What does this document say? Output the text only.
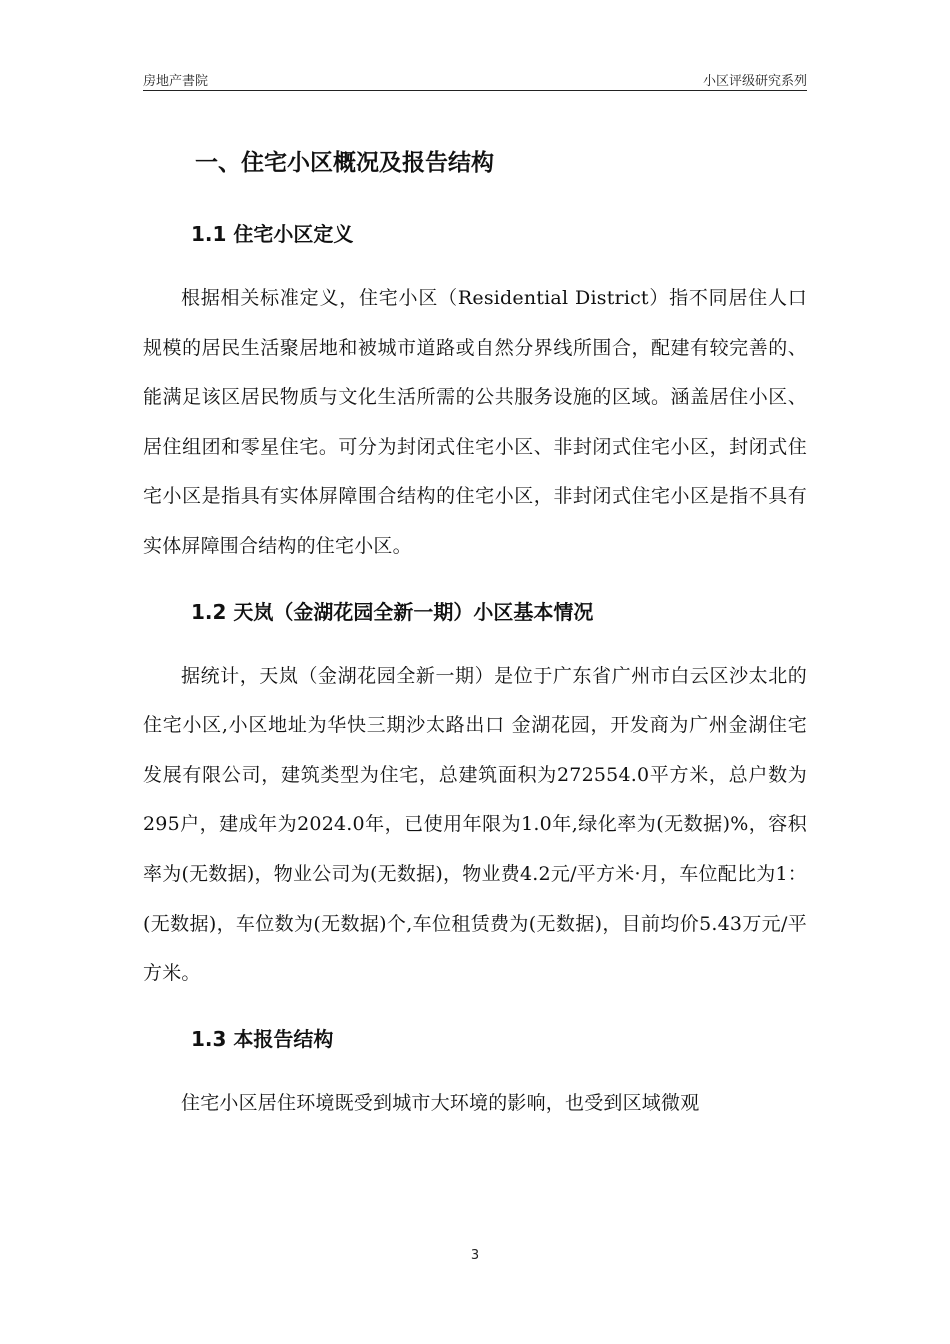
房地产書院	小区评级研究系列
一、住宅小区概况及报告结构
1.1 住宅小区定义

根据相关标准定义，住宅小区（Residential District）指不同居住人口规模的居民生活聚居地和被城市道路或自然分界线所围合，配建有较完善的、能满足该区居民物质与文化生活所需的公共服务设施的区域。涵盖居住小区、居住组团和零星住宅。可分为封闭式住宅小区、非封闭式住宅小区，封闭式住宅小区是指具有实体屏障围合结构的住宅小区，非封闭式住宅小区是指不具有实体屏障围合结构的住宅小区。

1.2 天岚（金湖花园全新一期）小区基本情况

据统计，天岚（金湖花园全新一期）是位于广东省广州市白云区沙太北的住宅小区,小区地址为华快三期沙太路出口 金湖花园，开发商为广州金湖住宅发展有限公司，建筑类型为住宅，总建筑面积为272554.0平方米，总户数为295户，建成年为2024.0年，已使用年限为1.0年,绿化率为(无数据)%，容积率为(无数据)，物业公司为(无数据)，物业费4.2元/平方米·月，车位配比为1：(无数据)，车位数为(无数据)个,车位租赁费为(无数据)，目前均价5.43万元/平方米。

1.3 本报告结构

住宅小区居住环境既受到城市大环境的影响，也受到区域微观

3
